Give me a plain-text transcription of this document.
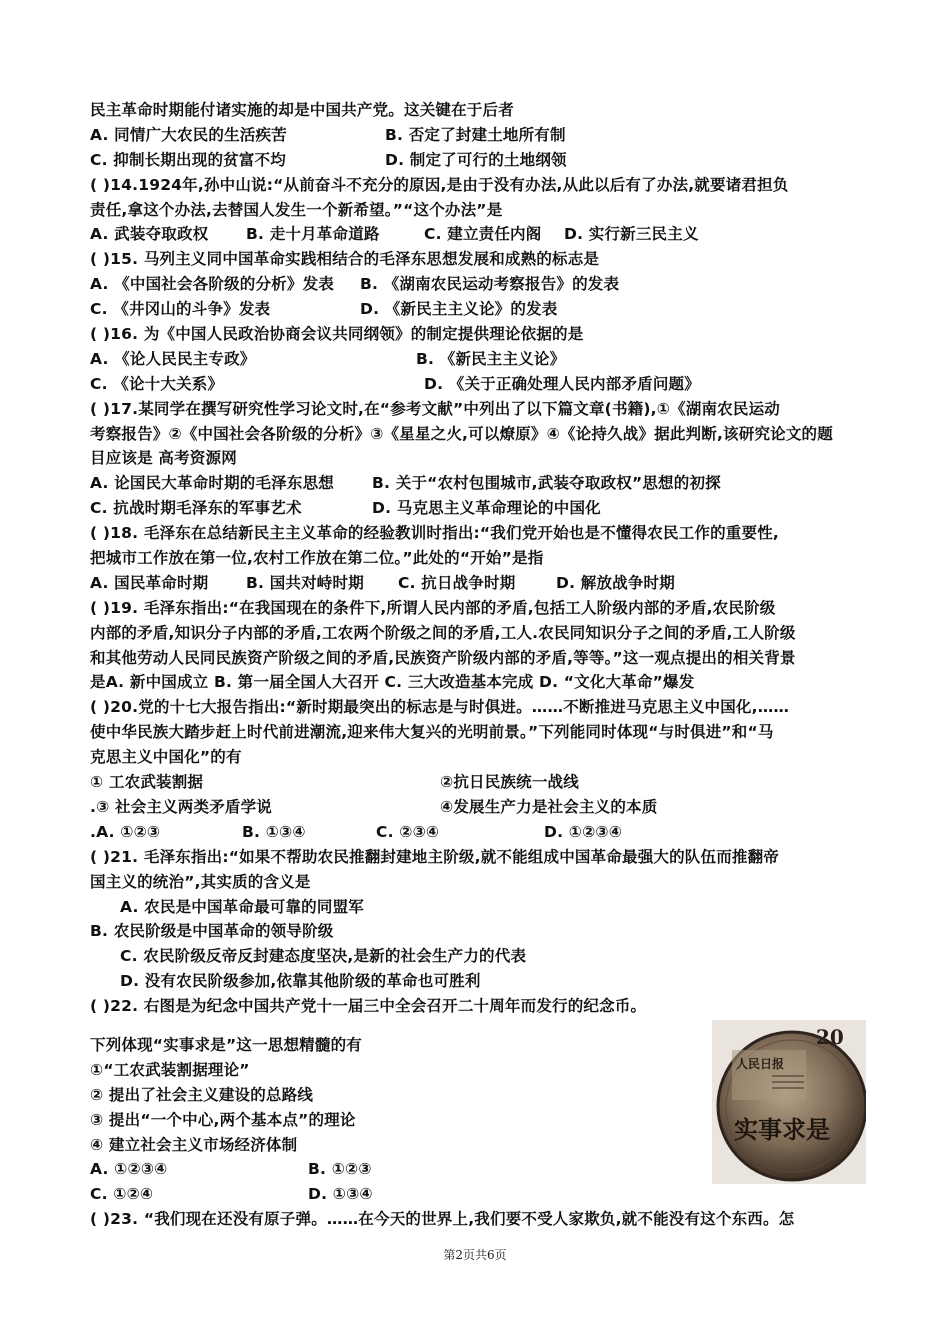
民主革命时期能付诸实施的却是中国共产党。这关键在于后者
A. 同情广大农民的生活疾苦	B. 否定了封建土地所有制
C. 抑制长期出现的贫富不均	D. 制定了可行的土地纲领
( )14.1924年,孙中山说:“从前奋斗不充分的原因,是由于没有办法,从此以后有了办法,就要诸君担负
责任,拿这个办法,去替国人发生一个新希望。”“这个办法”是
A. 武装夺取政权 B. 走十月革命道路	C. 建立责任内阁 D. 实行新三民主义
( )15. 马列主义同中国革命实践相结合的毛泽东思想发展和成熟的标志是
A. 《中国社会各阶级的分析》发表 B. 《湖南农民运动考察报告》的发表
C. 《井冈山的斗争》发表	D. 《新民主主义论》的发表
( )16. 为《中国人民政治协商会议共同纲领》的制定提供理论依据的是
A. 《论人民民主专政》	B. 《新民主主义论》
C. 《论十大关系》	D. 《关于正确处理人民内部矛盾问题》
( )17.某同学在撰写研究性学习论文时,在“参考文献”中列出了以下篇文章(书籍),①《湖南农民运动
考察报告》②《中国社会各阶级的分析》③《星星之火,可以燎原》④《论持久战》据此判断,该研究论文的题
目应该是 高考资源网
A. 论国民大革命时期的毛泽东思想 B. 关于“农村包围城市,武装夺取政权”思想的初探
C. 抗战时期毛泽东的军事艺术	D. 马克思主义革命理论的中国化
( )18. 毛泽东在总结新民主主义革命的经验教训时指出:“我们党开始也是不懂得农民工作的重要性,
把城市工作放在第一位,农村工作放在第二位。”此处的“开始”是指
A. 国民革命时期 B. 国共对峙时期 C. 抗日战争时期	D. 解放战争时期
( )19. 毛泽东指出:“在我国现在的条件下,所谓人民内部的矛盾,包括工人阶级内部的矛盾,农民阶级
内部的矛盾,知识分子内部的矛盾,工农两个阶级之间的矛盾,工人.农民同知识分子之间的矛盾,工人阶级
和其他劳动人民同民族资产阶级之间的矛盾,民族资产阶级内部的矛盾,等等。”这一观点提出的相关背景
是A. 新中国成立 B. 第一届全国人大召开 C. 三大改造基本完成 D. “文化大革命”爆发
( )20.党的十七大报告指出:“新时期最突出的标志是与时俱进。……不断推进马克思主义中国化,……
使中华民族大踏步赶上时代前进潮流,迎来伟大复兴的光明前景。”下列能同时体现“与时俱进”和“马
克思主义中国化”的有
① 工农武装割据	②抗日民族统一战线
.③ 社会主义两类矛盾学说	④发展生产力是社会主义的本质
.A. ①②③	B. ①③④	C. ②③④	D. ①②③④
( )21. 毛泽东指出:“如果不帮助农民推翻封建地主阶级,就不能组成中国革命最强大的队伍而推翻帝
国主义的统治”,其实质的含义是
A. 农民是中国革命最可靠的同盟军
B. 农民阶级是中国革命的领导阶级
C. 农民阶级反帝反封建态度坚决,是新的社会生产力的代表
D. 没有农民阶级参加,依靠其他阶级的革命也可胜利
( )22. 右图是为纪念中国共产党十一届三中全会召开二十周年而发行的纪念币。
下列体现“实事求是”这一思想精髓的有
①“工农武装割据理论”
② 提出了社会主义建设的总路线
③ 提出“一个中心,两个基本点”的理论
④ 建立社会主义市场经济体制
A. ①②③④	B. ①②③
C. ①②④	D. ①③④
( )23. “我们现在还没有原子弹。……在今天的世界上,我们要不受人家欺负,就不能没有这个东西。怎
20
人民日报
实事求是
第2页共6页
